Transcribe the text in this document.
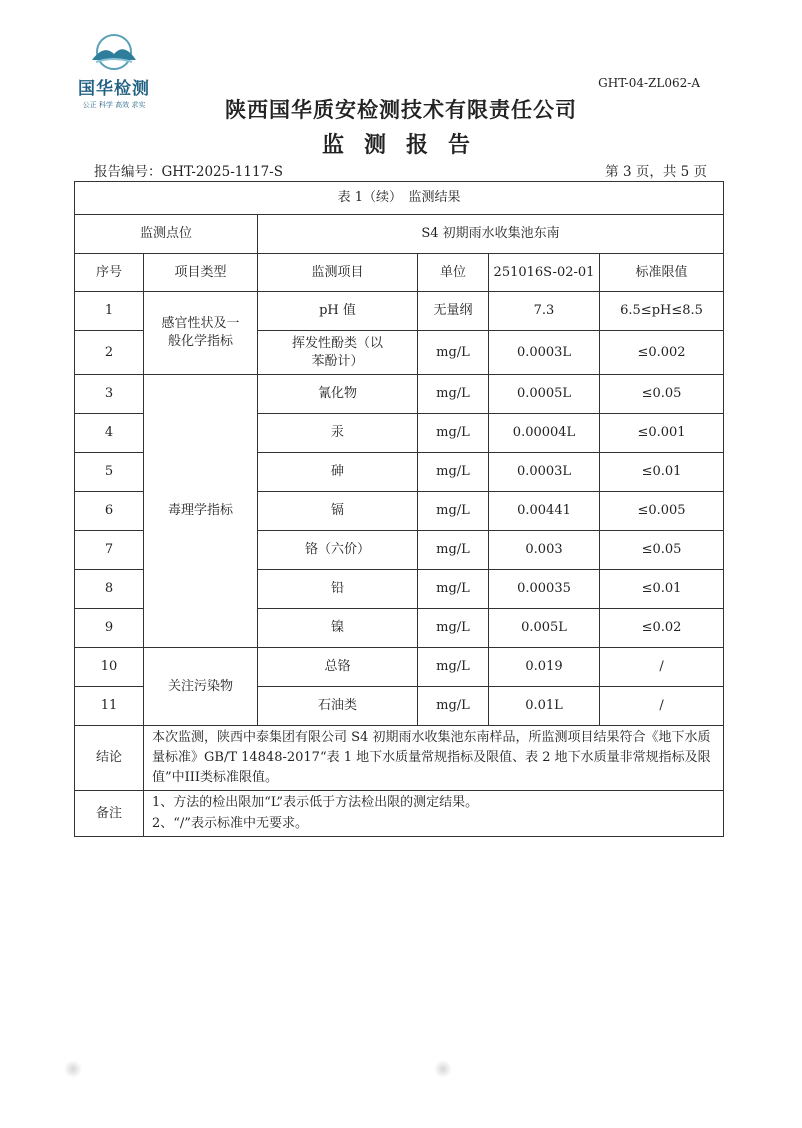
国华检测
公正 科学 高效 求实
GHT-04-ZL062-A
陕西国华质安检测技术有限责任公司
监测报告
报告编号：GHT-2025-1117-S	第 3 页，共 5 页
表 1（续）　监测结果					
监测点位		S4 初期雨水收集池东南			
序号	项目类型	监测项目	单位	251016S-02-01	标准限值
1	感官性状及一般化学指标	pH 值	无量纲	7.3	6.5≤pH≤8.5
2		挥发性酚类（以苯酚计）	mg/L	0.0003L	≤0.002
3	毒理学指标	氰化物	mg/L	0.0005L	≤0.05
4		汞	mg/L	0.00004L	≤0.001
5		砷	mg/L	0.0003L	≤0.01
6		镉	mg/L	0.00441	≤0.005
7		铬（六价）	mg/L	0.003	≤0.05
8		铅	mg/L	0.00035	≤0.01
9		镍	mg/L	0.005L	≤0.02
10	关注污染物	总铬	mg/L	0.019	/
11		石油类	mg/L	0.01L	/
结论	本次监测，陕西中泰集团有限公司 S4 初期雨水收集池东南样品，所监测项目结果符合《地下水质量标准》GB/T 14848-2017“表 1 地下水质量常规指标及限值、表 2 地下水质量非常规指标及限值”中III类标准限值。				
备注	1、方法的检出限加“L”表示低于方法检出限的测定结果。
2、“/”表示标准中无要求。				
